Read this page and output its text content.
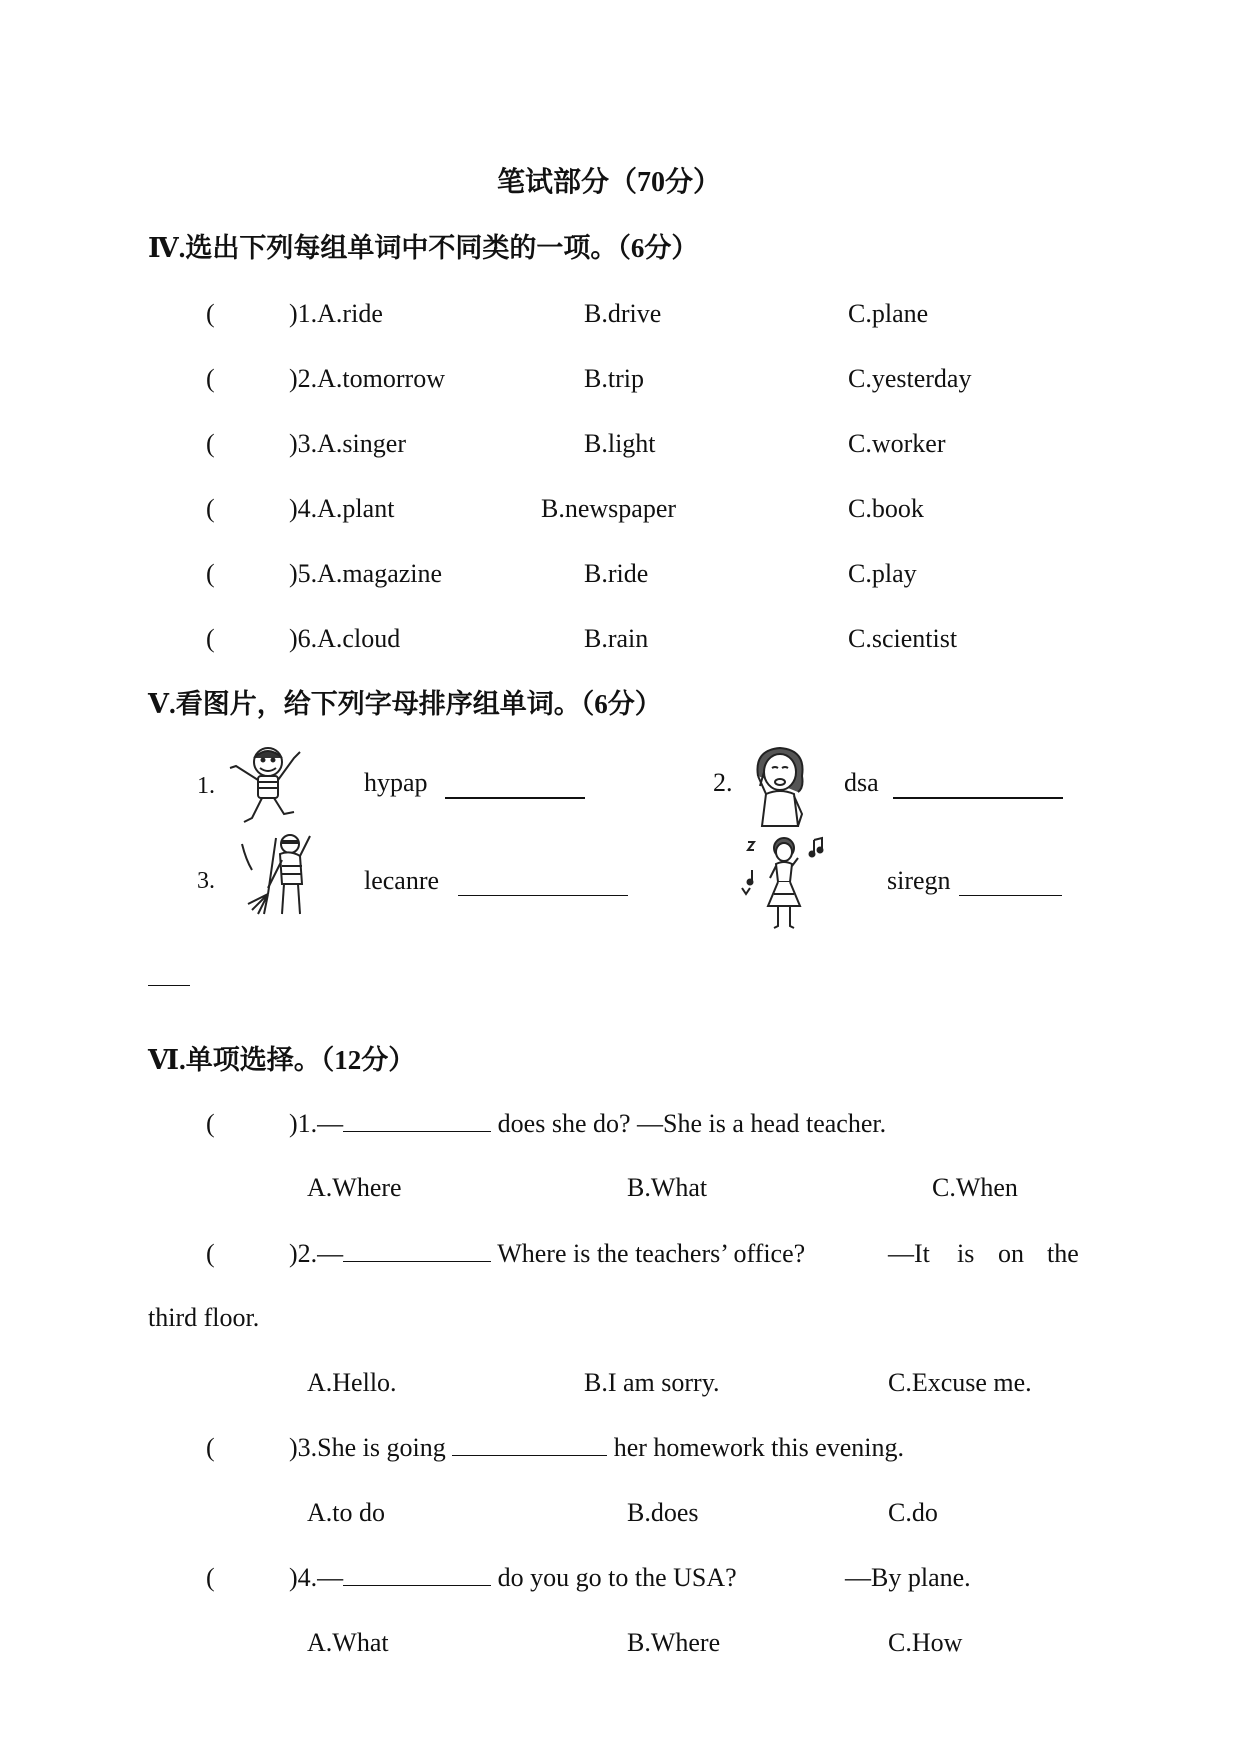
笔试部分（70分）
Ⅳ.选出下列每组单词中不同类的一项。（6分）
(	)1.A.ride	B.drive	C.plane
(	)2.A.tomorrow	B.trip	C.yesterday
(	)3.A.singer	B.light	C.worker
(	)4.A.plant	B.newspaper	C.book
(	)5.A.magazine	B.ride	C.play
(	)6.A.cloud	B.rain	C.scientist
Ⅴ.看图片，给下列字母排序组单词。（6分）
1.	hypap	2.	dsa
3.	lecanre	siregn
Ⅵ.单项选择。（12分）
(	)1.—	does she do? —She is a head teacher.
A.Where	B.What	C.When
(	)2.—	Where is the teachers’ office?	—It is on the
third floor.
A.Hello.	B.I am sorry.	C.Excuse me.
(	)3.She is going	her homework this evening.
A.to do	B.does	C.do
(	)4.—	do you go to the USA?	—By plane.
A.What	B.Where	C.How
